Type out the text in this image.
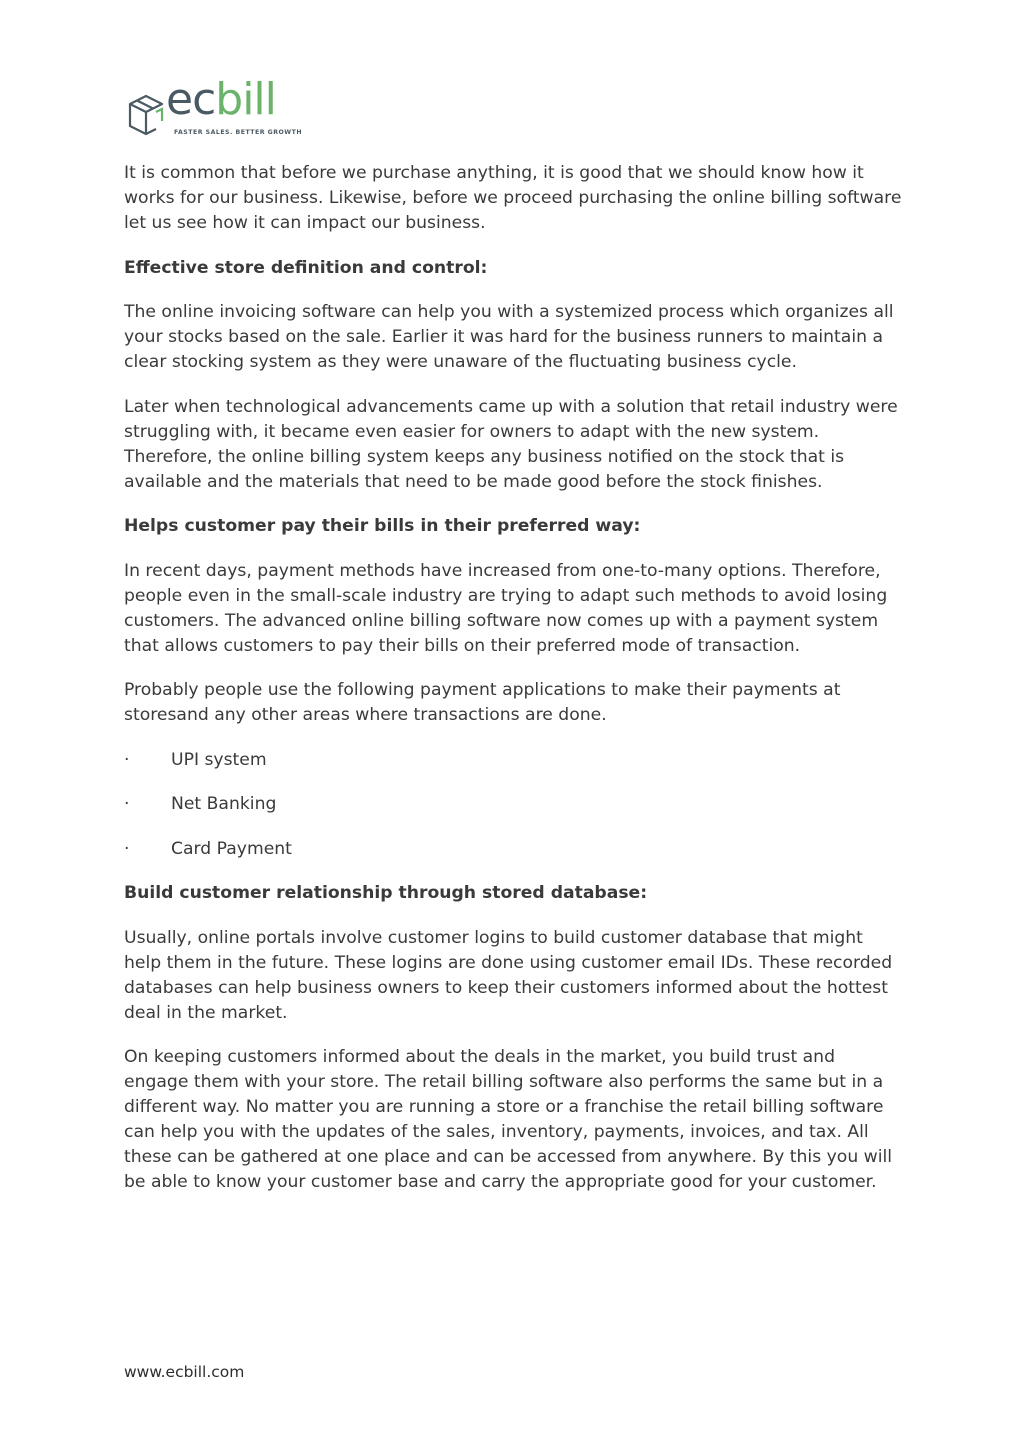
ecbill
FASTER SALES. BETTER GROWTH

It is common that before we purchase anything, it is good that we should know how it works for our business. Likewise, before we proceed purchasing the online billing software let us see how it can impact our business.

Effective store definition and control:

The online invoicing software can help you with a systemized process which organizes all your stocks based on the sale. Earlier it was hard for the business runners to maintain a clear stocking system as they were unaware of the fluctuating business cycle.

Later when technological advancements came up with a solution that retail industry were struggling with, it became even easier for owners to adapt with the new system. Therefore, the online billing system keeps any business notified on the stock that is available and the materials that need to be made good before the stock finishes.

Helps customer pay their bills in their preferred way:

In recent days, payment methods have increased from one-to-many options. Therefore, people even in the small-scale industry are trying to adapt such methods to avoid losing customers. The advanced online billing software now comes up with a payment system that allows customers to pay their bills on their preferred mode of transaction.

Probably people use the following payment applications to make their payments at storesand any other areas where transactions are done.

·	UPI system
·	Net Banking
·	Card Payment
Build customer relationship through stored database:

Usually, online portals involve customer logins to build customer database that might help them in the future. These logins are done using customer email IDs. These recorded databases can help business owners to keep their customers informed about the hottest deal in the market.

On keeping customers informed about the deals in the market, you build trust and engage them with your store. The retail billing software also performs the same but in a different way. No matter you are running a store or a franchise the retail billing software can help you with the updates of the sales, inventory, payments, invoices, and tax. All these can be gathered at one place and can be accessed from anywhere. By this you will be able to know your customer base and carry the appropriate good for your customer.

www.ecbill.com
